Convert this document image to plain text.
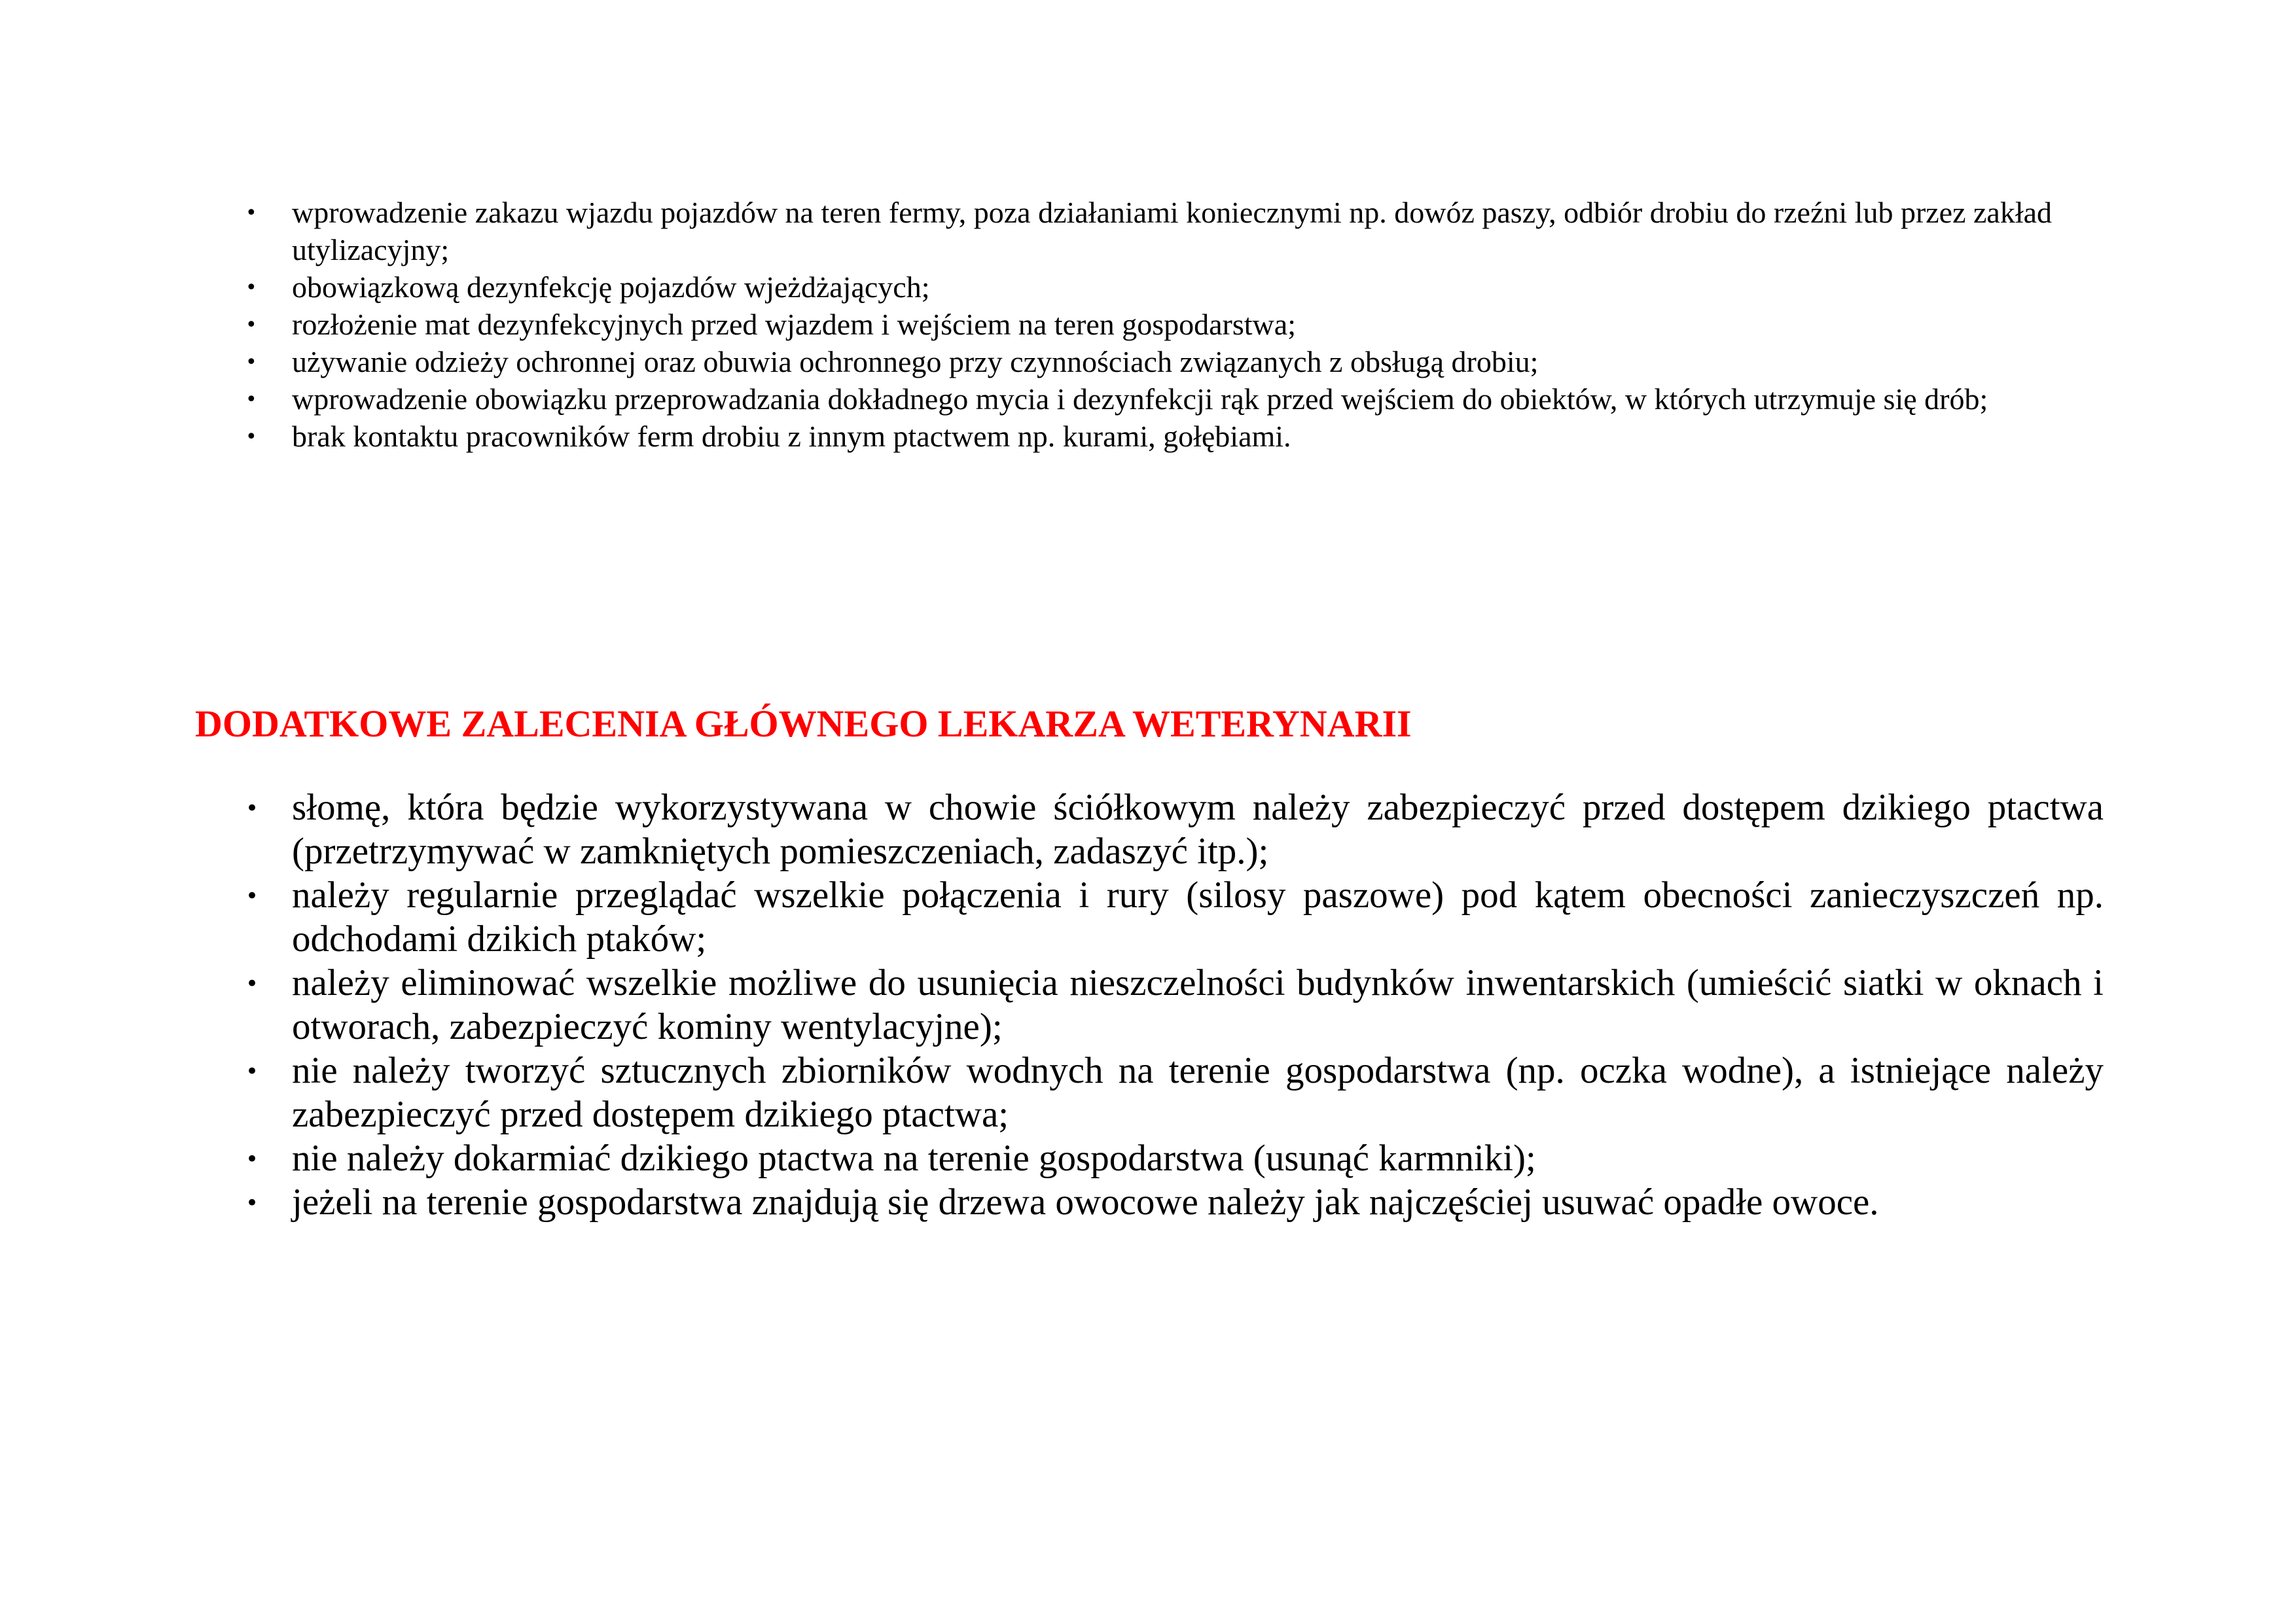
• wprowadzenie zakazu wjazdu pojazdów na teren fermy, poza działaniami koniecznymi np. dowóz paszy, odbiór drobiu do rzeźni lub przez zakład utylizacyjny;
• obowiązkową dezynfekcję pojazdów wjeżdżających;
• rozłożenie mat dezynfekcyjnych przed wjazdem i wejściem na teren gospodarstwa;
• używanie odzieży ochronnej oraz obuwia ochronnego przy czynnościach związanych z obsługą drobiu;
• wprowadzenie obowiązku przeprowadzania dokładnego mycia i dezynfekcji rąk przed wejściem do obiektów, w których utrzymuje się drób;
• brak kontaktu pracowników ferm drobiu z innym ptactwem np. kurami, gołębiami.
DODATKOWE ZALECENIA GŁÓWNEGO LEKARZA WETERYNARII
• słomę, która będzie wykorzystywana w chowie ściółkowym należy zabezpieczyć przed dostępem dzikiego ptactwa (przetrzymywać w zamkniętych pomieszczeniach, zadaszyć itp.);
• należy regularnie przeglądać wszelkie połączenia i rury (silosy paszowe) pod kątem obecności zanieczyszczeń np. odchodami dzikich ptaków;
• należy eliminować wszelkie możliwe do usunięcia nieszczelności budynków inwentarskich (umieścić siatki w oknach i otworach, zabezpieczyć kominy wentylacyjne);
• nie należy tworzyć sztucznych zbiorników wodnych na terenie gospodarstwa (np. oczka wodne), a istniejące należy zabezpieczyć przed dostępem dzikiego ptactwa;
• nie należy dokarmiać dzikiego ptactwa na terenie gospodarstwa (usunąć karmniki);
• jeżeli na terenie gospodarstwa znajdują się drzewa owocowe należy jak najczęściej usuwać opadłe owoce.
